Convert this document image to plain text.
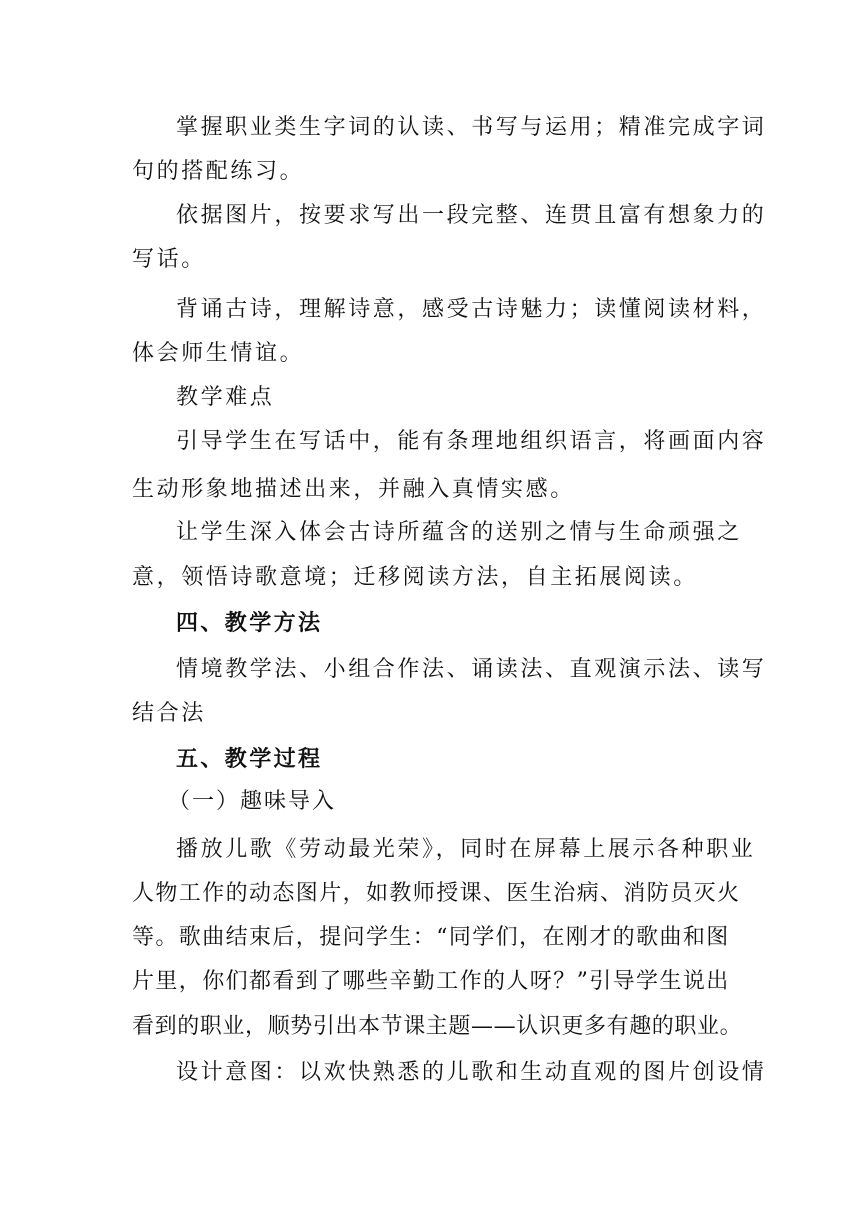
掌握职业类生字词的认读、书写与运用；精准完成字词
句的搭配练习。
依据图片，按要求写出一段完整、连贯且富有想象力的
写话。
背诵古诗，理解诗意，感受古诗魅力；读懂阅读材料，
体会师生情谊。
教学难点
引导学生在写话中，能有条理地组织语言，将画面内容
生动形象地描述出来，并融入真情实感。
让学生深入体会古诗所蕴含的送别之情与生命顽强之
意，领悟诗歌意境；迁移阅读方法，自主拓展阅读。
四、教学方法
情境教学法、小组合作法、诵读法、直观演示法、读写
结合法
五、教学过程
（一）趣味导入
播放儿歌《劳动最光荣》，同时在屏幕上展示各种职业
人物工作的动态图片，如教师授课、医生治病、消防员灭火
等。歌曲结束后，提问学生：“同学们，在刚才的歌曲和图
片里，你们都看到了哪些辛勤工作的人呀？”引导学生说出
看到的职业，顺势引出本节课主题——认识更多有趣的职业。
设计意图：以欢快熟悉的儿歌和生动直观的图片创设情
